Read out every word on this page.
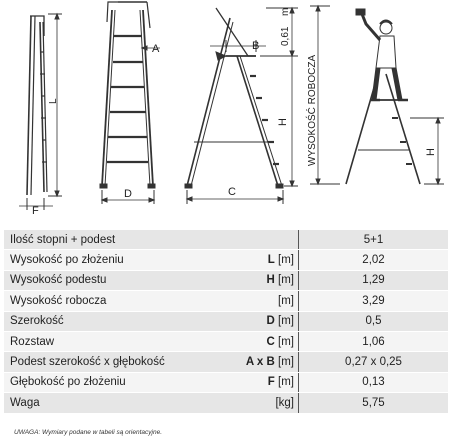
L
F
A
D
B 0,61
m
H
C
WYSOKOŚĆ ROBOCZA	H
Ilość stopni + podest		5+1
Wysokość po złożeniu	L [m]	2,02
Wysokość podestu	H [m]	1,29
Wysokość robocza	[m]	3,29
Szerokość	D [m]	0,5
Rozstaw	C [m]	1,06
Podest szerokość x głębokość	A x B [m]	0,27 x 0,25
Głębokość po złożeniu	F [m]	0,13
Waga	[kg]	5,75
UWAGA: Wymiary podane w tabeli są orientacyjne.
